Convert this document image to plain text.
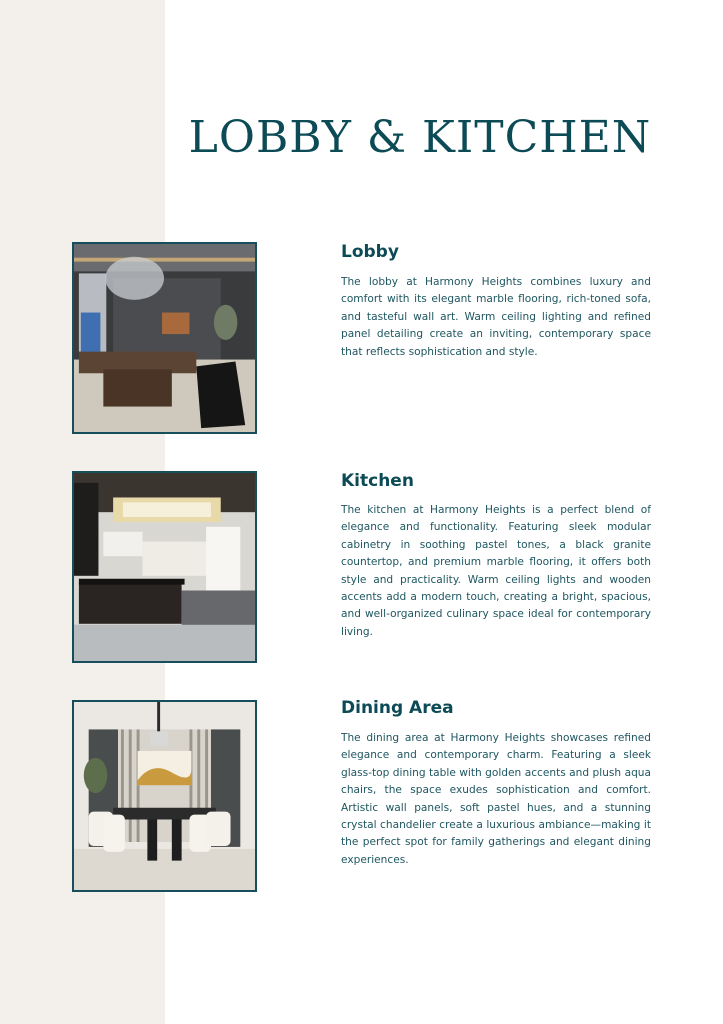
LOBBY & KITCHEN
Lobby

The lobby at Harmony Heights combines luxury and comfort with its elegant marble flooring, rich-toned sofa, and tasteful wall art. Warm ceiling lighting and refined panel detailing create an inviting, contemporary space that reflects sophistication and style.

Kitchen

The kitchen at Harmony Heights is a perfect blend of elegance and functionality. Featuring sleek modular cabinetry in soothing pastel tones, a black granite countertop, and premium marble flooring, it offers both style and practicality. Warm ceiling lights and wooden accents add a modern touch, creating a bright, spacious, and well-organized culinary space ideal for contemporary living.

Dining Area

The dining area at Harmony Heights showcases refined elegance and contemporary charm. Featuring a sleek glass-top dining table with golden accents and plush aqua chairs, the space exudes sophistication and comfort. Artistic wall panels, soft pastel hues, and a stunning crystal chandelier create a luxurious ambiance—making it the perfect spot for family gatherings and elegant dining experiences.
